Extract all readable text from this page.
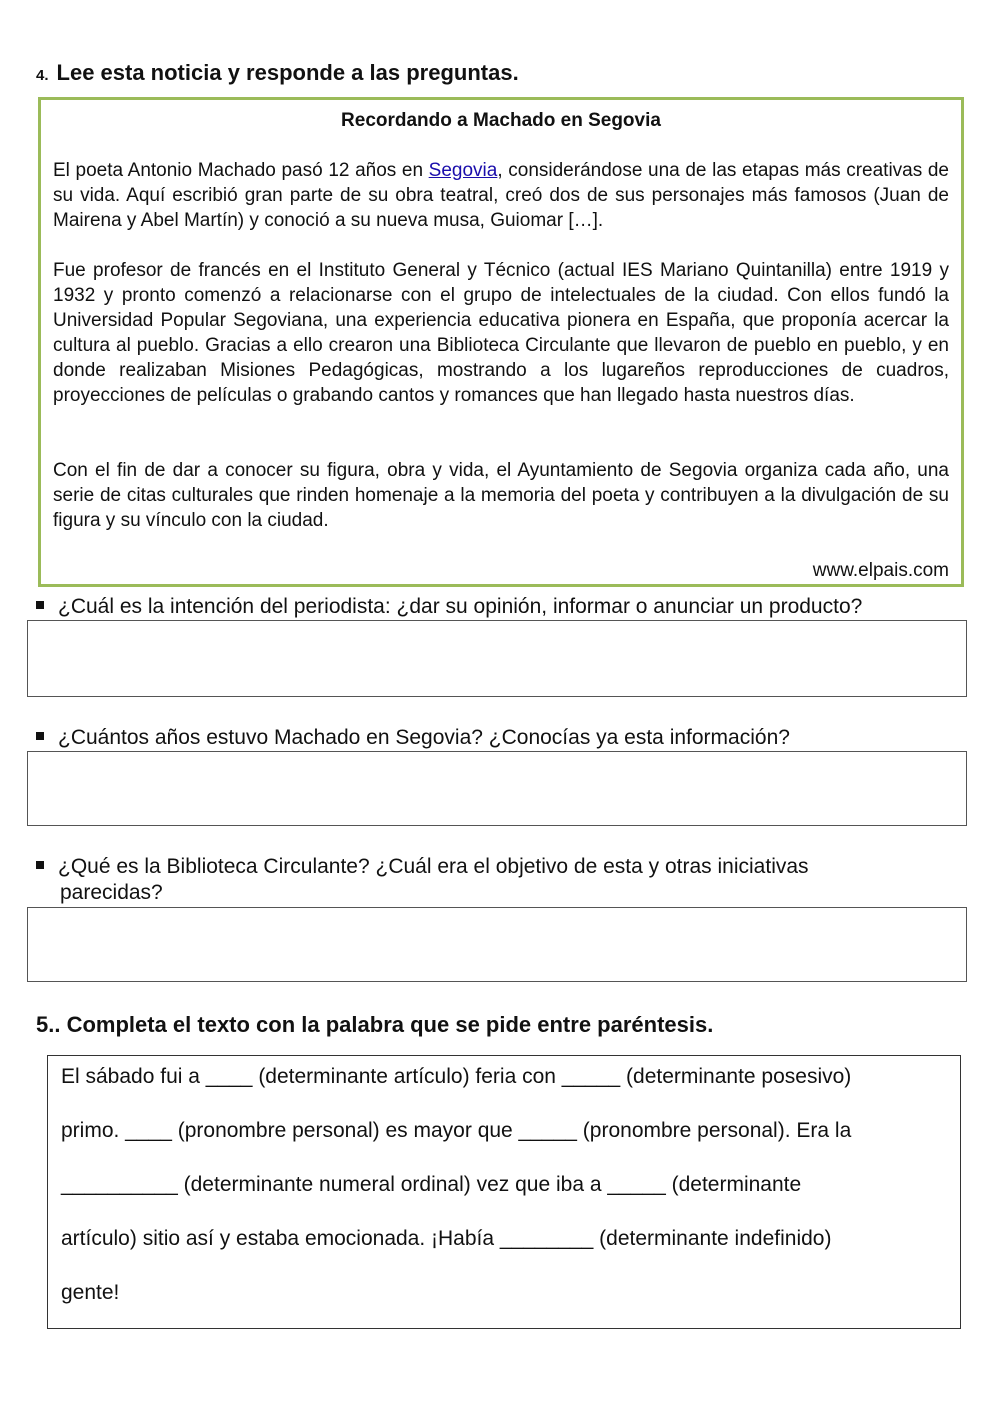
4. Lee esta noticia y responde a las preguntas.
Recordando a Machado en Segovia
El poeta Antonio Machado pasó 12 años en Segovia, considerándose una de las etapas más creativas de su vida. Aquí escribió gran parte de su obra teatral, creó dos de sus personajes más famosos (Juan de Mairena y Abel Martín) y conoció a su nueva musa, Guiomar […].
Fue profesor de francés en el Instituto General y Técnico (actual IES Mariano Quintanilla) entre 1919 y 1932 y pronto comenzó a relacionarse con el grupo de intelectuales de la ciudad. Con ellos fundó la Universidad Popular Segoviana, una experiencia educativa pionera en España, que proponía acercar la cultura al pueblo. Gracias a ello crearon una Biblioteca Circulante que llevaron de pueblo en pueblo, y en donde realizaban Misiones Pedagógicas, mostrando a los lugareños reproducciones de cuadros, proyecciones de películas o grabando cantos y romances que han llegado hasta nuestros días.
Con el fin de dar a conocer su figura, obra y vida, el Ayuntamiento de Segovia organiza cada año, una serie de citas culturales que rinden homenaje a la memoria del poeta y contribuyen a la divulgación de su figura y su vínculo con la ciudad.
www.elpais.com
¿Cuál es la intención del periodista: ¿dar su opinión, informar o anunciar un producto?
¿Cuántos años estuvo Machado en Segovia? ¿Conocías ya esta información?
¿Qué es la Biblioteca Circulante? ¿Cuál era el objetivo de esta y otras iniciativas
parecidas?
5.. Completa el texto con la palabra que se pide entre paréntesis.
El sábado fui a ____ (determinante artículo) feria con _____ (determinante posesivo)
primo. ____ (pronombre personal) es mayor que _____ (pronombre personal). Era la
__________ (determinante numeral ordinal) vez que iba a _____ (determinante
artículo) sitio así y estaba emocionada. ¡Había ________ (determinante indefinido)
gente!
